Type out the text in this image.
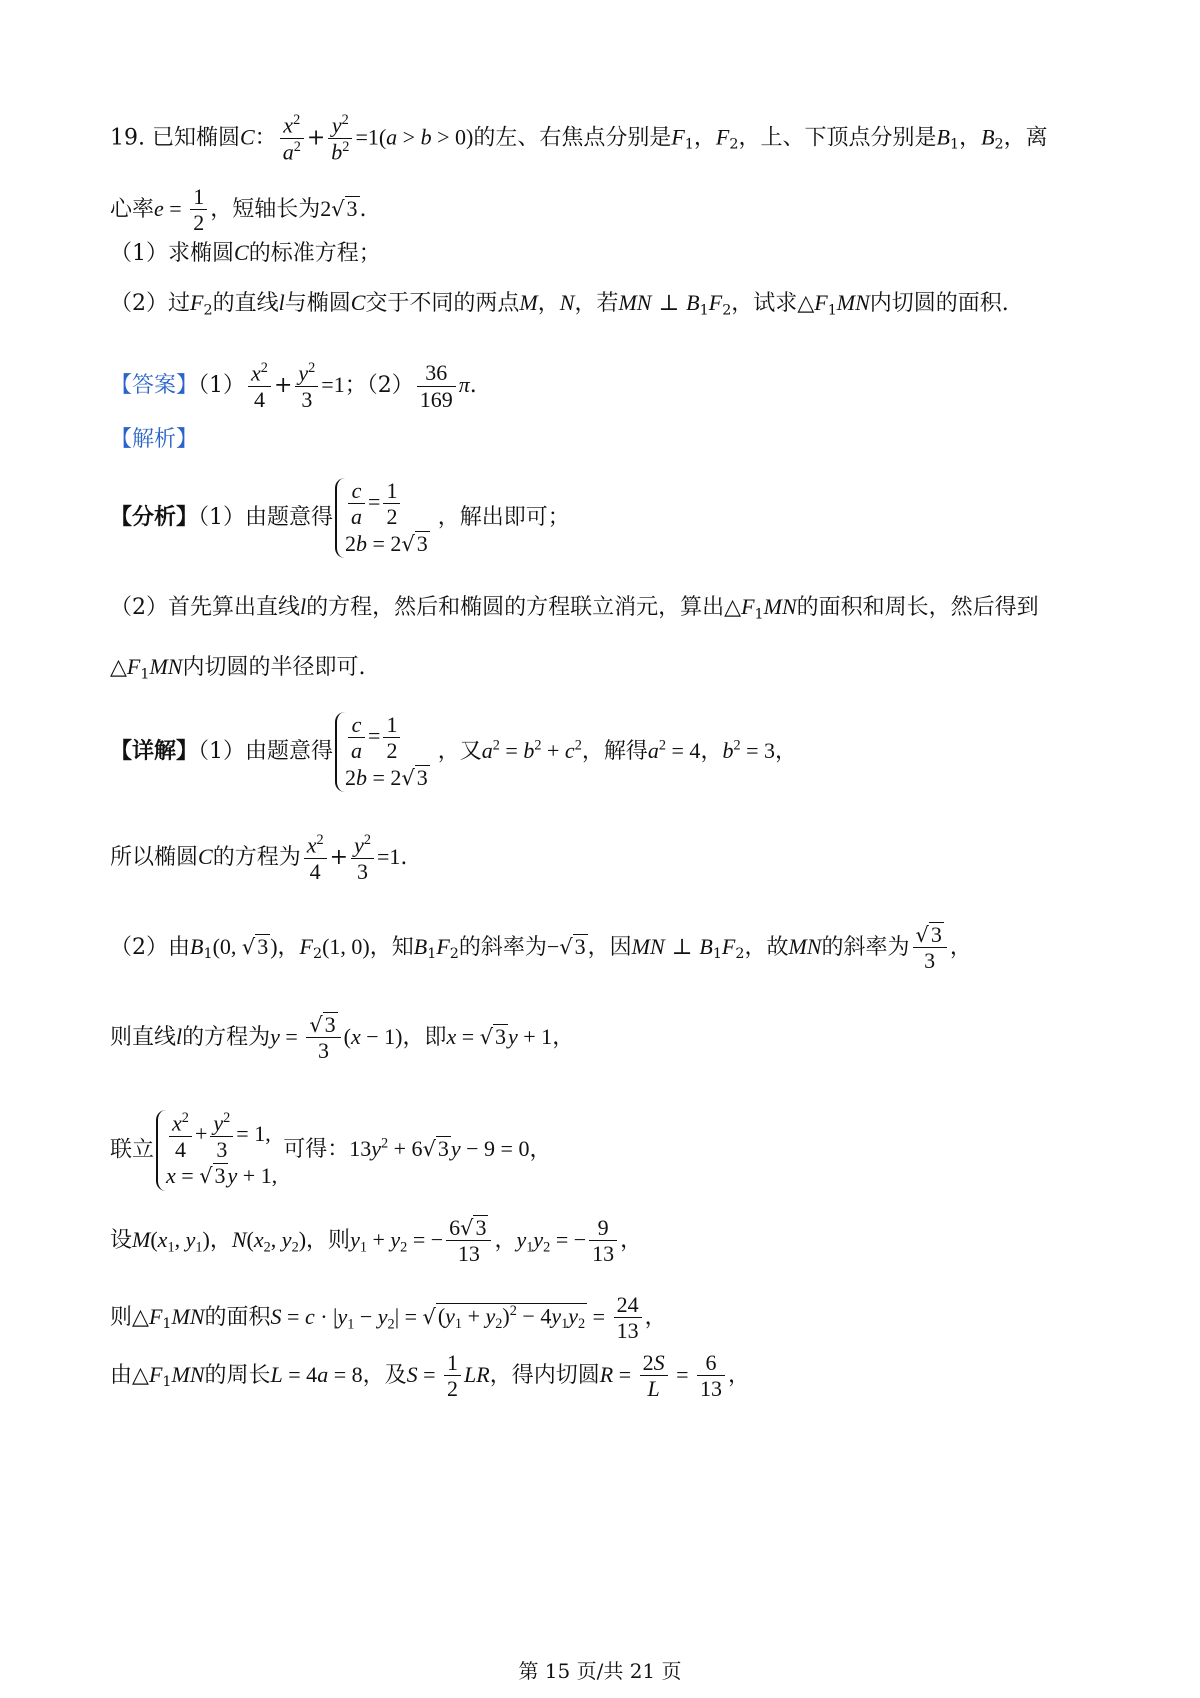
19. 已知椭圆C： $\frac{x^2}{a^2} + \frac{y^2}{b^2} =1(a > b > 0)$的左、右焦点分别是$F_1$，$F_2$，上、下顶点分别是$B_1$，$B_2$，离
心率$e = \frac{1}{2}$ ，短轴长为2√3.
（1）求椭圆C的标准方程；
（2）过$F_2$的直线l与椭圆C交于不同的两点M，N，若MN ⊥ $B_1F_2$，试求$\triangle F_1MN$内切圆的面积.
【答案】$(1) \frac{x^2}{4} + \frac{y^2}{3} =1$；$(2) \frac{36}{169} \pi$.
【解析】
【分析】（1）由题意得 $\frac{c}{a} = \frac{1}{2}$
2b = 2√3
，解出即可；
（2）首先算出直线l的方程，然后和椭圆的方程联立消元，算出$\triangle F_1MN$的面积和周长，然后得到
$\triangle F_1MN$内切圆的半径即可.
【详解】（1）由题意得 $\frac{c}{a} = \frac{1}{2}$
2b = 2√3
，又$a^2 = b^2 + c^2$，解得$a^2 = 4$，$b^2 = 3$，
所以椭圆C的方程为 $\frac{x^2}{4} + \frac{y^2}{3} =1$.
（2）由$B_1(0$, √3)，$F_2(1$, 0)，知$B_1F_2$的斜率为−√3，因MN ⊥ $B_1F_2$，故MN的斜率为 $\frac{√3}{3}$ ，
则直线l的方程为$y = \frac{√3}{3} (x - 1)$，即x = √3y + 1，
联立 $\frac{x^2}{4} + \frac{y^2}{3} = 1$,
x = √3y + 1,
可得：$13y^2 + 6√3y - 9 = 0$，
设$M(x_1$, $y_1$)，$N(x_2$, $y_2$)，则$y_1 + y_2$ = − $\frac{6√3}{13}$ ，$y_1y_2$ = − $\frac{9}{13}$ ，
则$\triangle F_1MN$的面积$S = c \cdot |y_1 - y_2| = √(y_1 + y_2)^2 - 4y_1y_2 = \frac{24}{13}$ ，
由$\triangle F_1MN$的周长L = 4a = 8，及$S = \frac{1}{2}$ LR，得内切圆$R = \frac{2S}{L} = \frac{6}{13}$ ，
第 15 页/共 21 页
